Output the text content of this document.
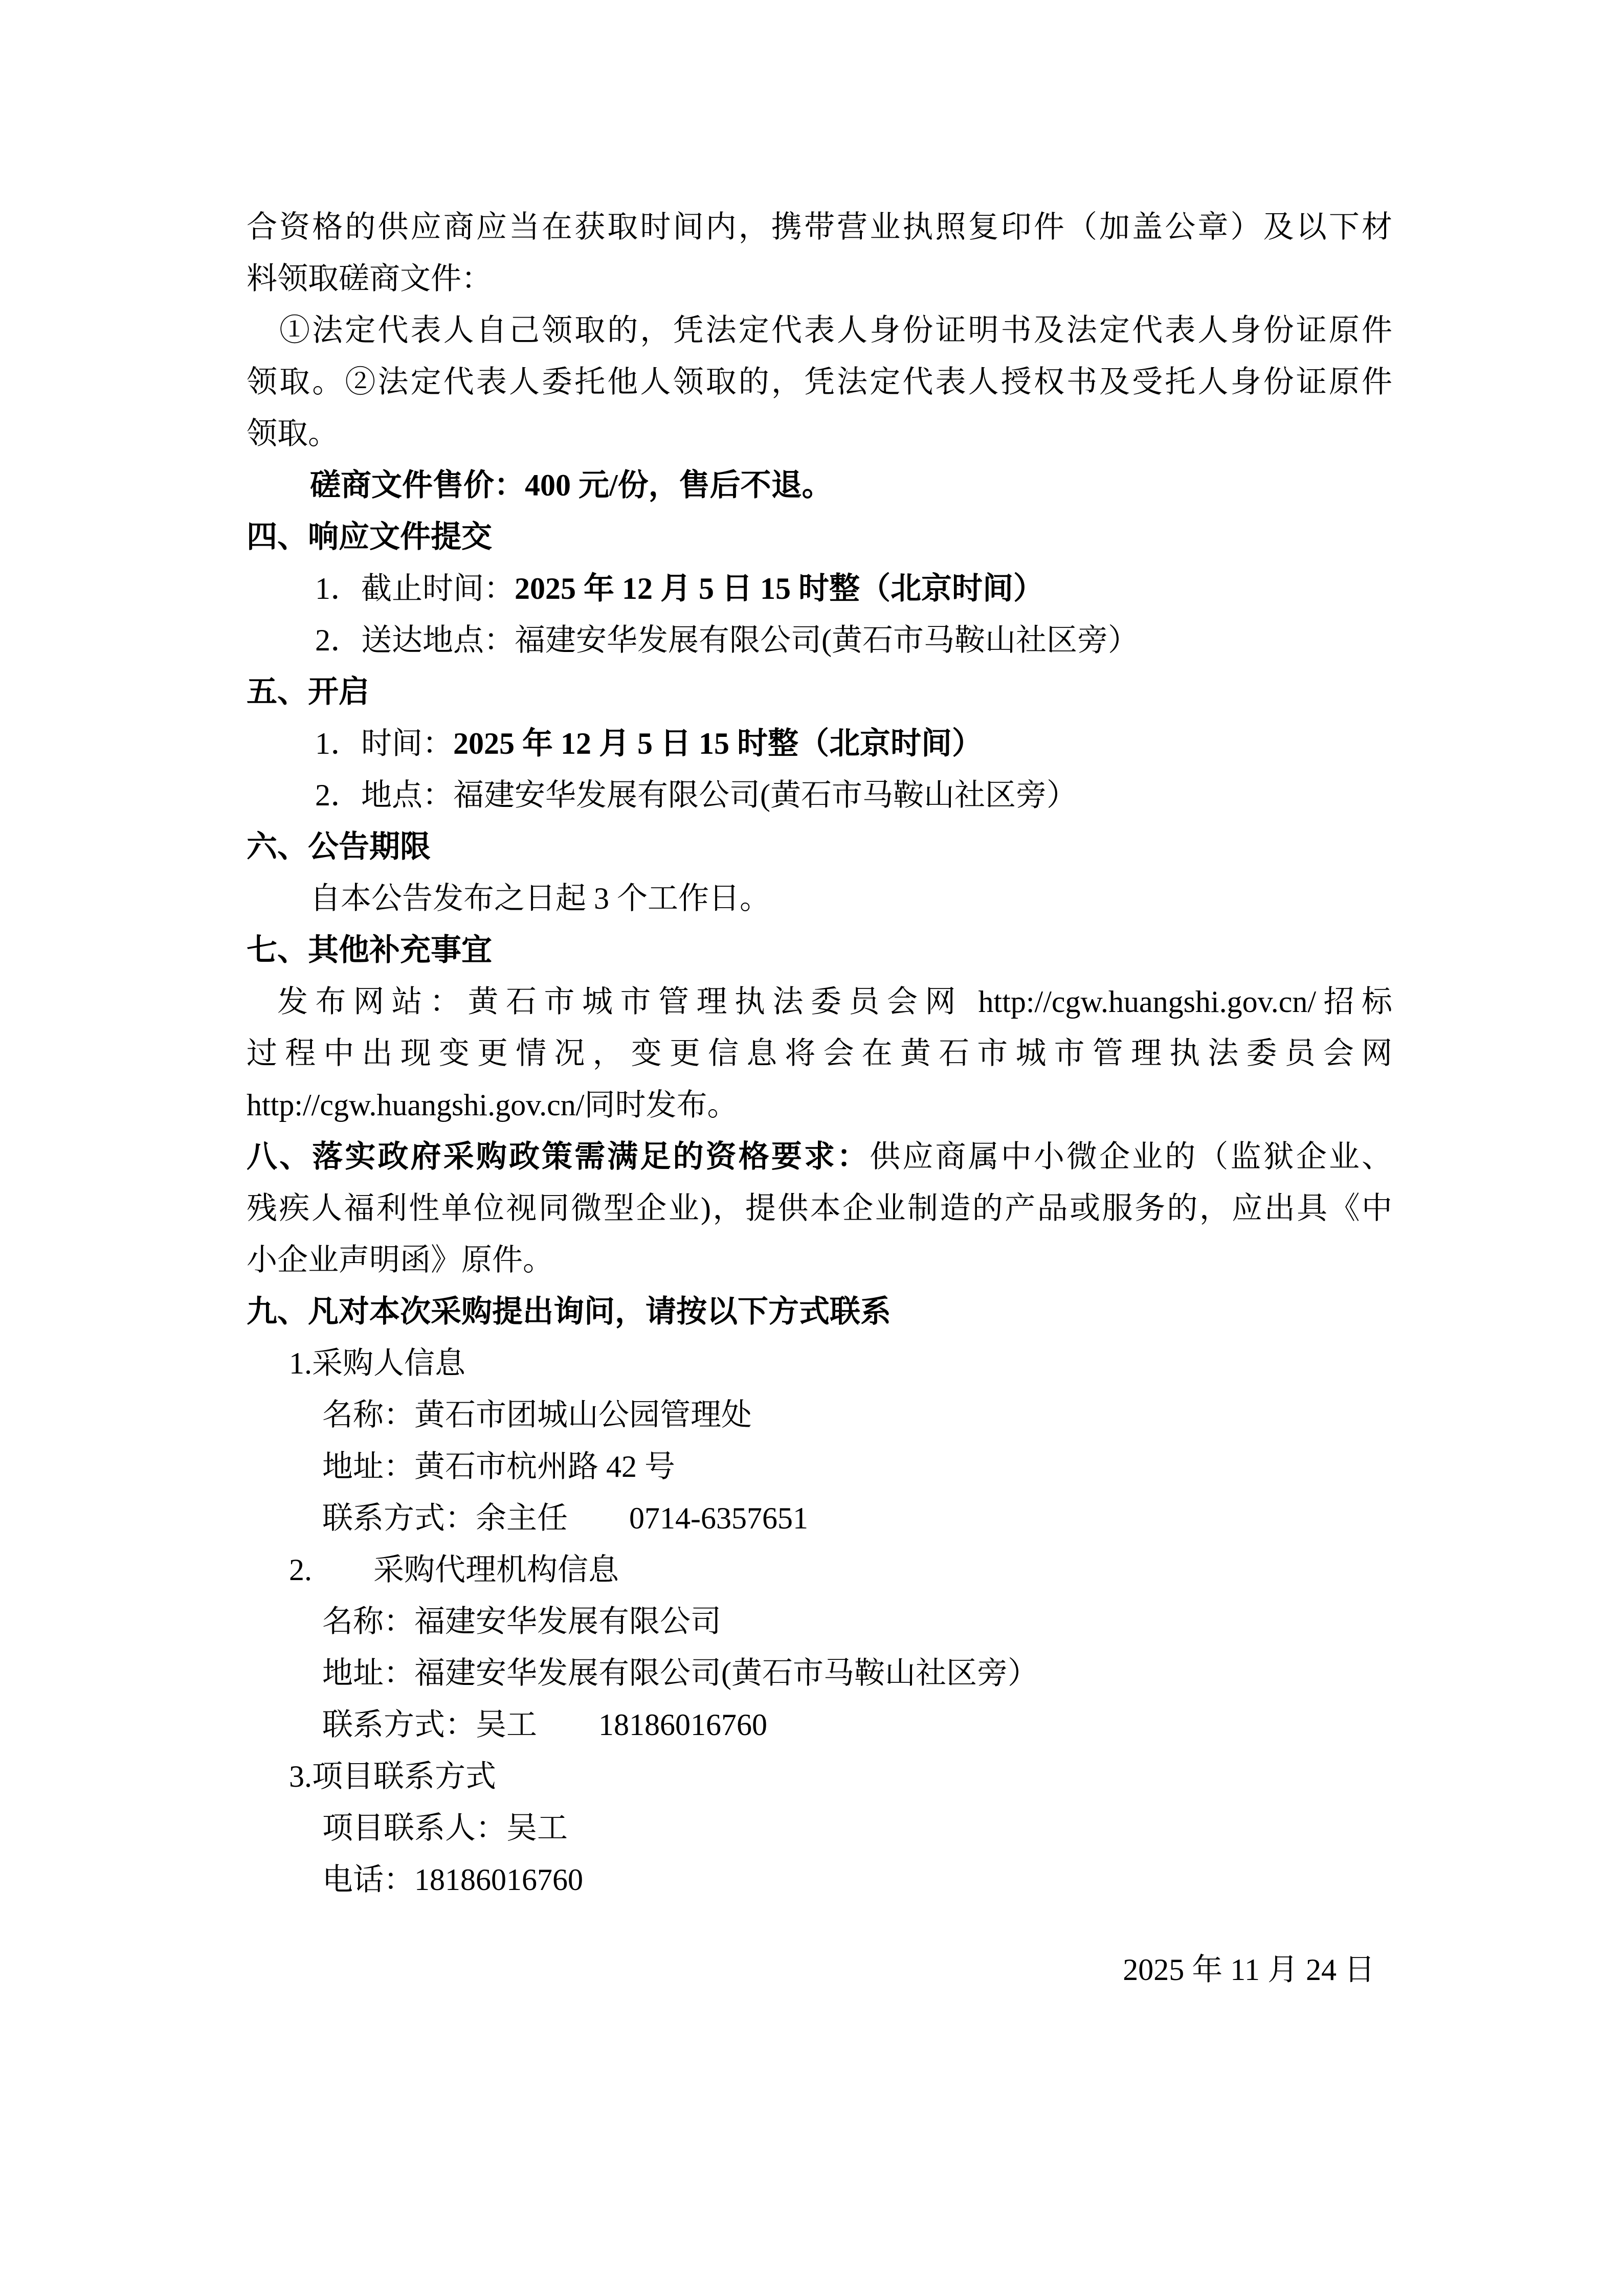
合资格的供应商应当在获取时间内，携带营业执照复印件（加盖公章）及以下材
料领取磋商文件：
①法定代表人自己领取的，凭法定代表人身份证明书及法定代表人身份证原件
领取。②法定代表人委托他人领取的，凭法定代表人授权书及受托人身份证原件
领取。
磋商文件售价：400 元/份，售后不退。
四、响应文件提交
1．截止时间：2025 年 12 月 5 日 15 时整（北京时间）
2．送达地点：福建安华发展有限公司(黄石市马鞍山社区旁）
五、开启
1．时间：2025 年 12 月 5 日 15 时整（北京时间）
2．地点：福建安华发展有限公司(黄石市马鞍山社区旁）
六、公告期限
自本公告发布之日起 3 个工作日。
七、其他补充事宜
发布网站：黄石市城市管理执法委员会网 http://cgw.huangshi.gov.cn/招标
过程中出现变更情况，变更信息将会在黄石市城市管理执法委员会网
http://cgw.huangshi.gov.cn/同时发布。
八、落实政府采购政策需满足的资格要求：供应商属中小微企业的（监狱企业、
残疾人福利性单位视同微型企业)，提供本企业制造的产品或服务的，应出具《中
小企业声明函》原件。
九、凡对本次采购提出询问，请按以下方式联系
1.采购人信息
名称：黄石市团城山公园管理处
地址：黄石市杭州路 42 号
联系方式：余主任　　0714-6357651
2.　　采购代理机构信息
名称：福建安华发展有限公司
地址：福建安华发展有限公司(黄石市马鞍山社区旁）
联系方式：吴工　　18186016760
3.项目联系方式
项目联系人：吴工
电话：18186016760
2025 年 11 月 24 日
